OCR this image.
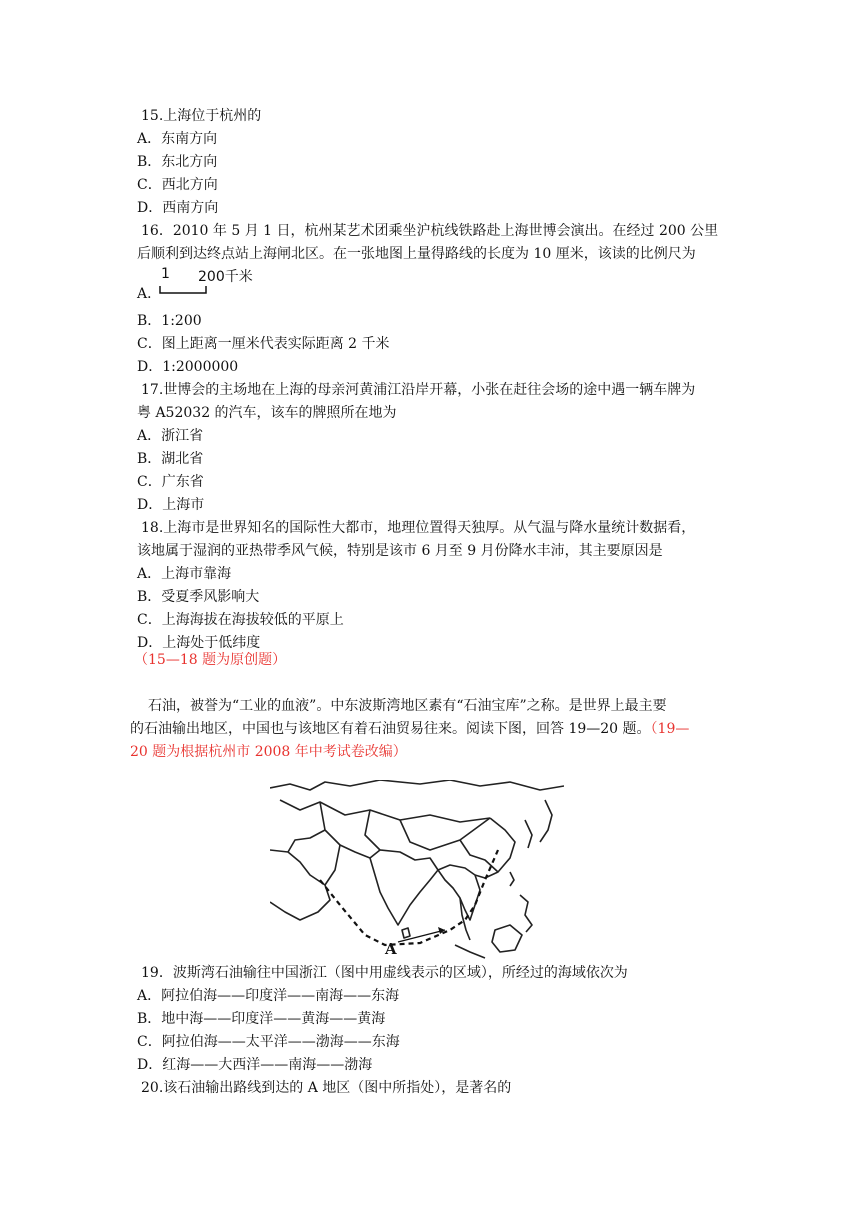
15.上海位于杭州的
A．东南方向
B．东北方向
C．西北方向
D．西南方向
16．2010 年 5 月 1 日，杭州某艺术团乘坐沪杭线铁路赴上海世博会演出。在经过 200 公里
后顺利到达终点站上海闸北区。在一张地图上量得路线的长度为 10 厘米，该读的比例尺为
1 200千米
A．
B．1:200
C．图上距离一厘米代表实际距离 2 千米
D．1:2000000
17.世博会的主场地在上海的母亲河黄浦江沿岸开幕，小张在赶往会场的途中遇一辆车牌为
粤 A52032 的汽车，该车的牌照所在地为
A．浙江省
B．湖北省
C．广东省
D．上海市
18.上海市是世界知名的国际性大都市，地理位置得天独厚。从气温与降水量统计数据看，
该地属于湿润的亚热带季风气候，特别是该市 6 月至 9 月份降水丰沛，其主要原因是
A．上海市靠海
B．受夏季风影响大
C．上海海拔在海拔较低的平原上
D．上海处于低纬度
（15—18 题为原创题）
石油，被誉为“工业的血液”。中东波斯湾地区素有“石油宝库”之称。是世界上最主要
的石油输出地区，中国也与该地区有着石油贸易往来。阅读下图，回答 19—20 题。（19—
20 题为根据杭州市 2008 年中考试卷改编）
A
19．波斯湾石油输往中国浙江（图中用虚线表示的区域），所经过的海域依次为
A．阿拉伯海——印度洋——南海——东海
B．地中海——印度洋——黄海——黄海
C．阿拉伯海——太平洋——渤海——东海
D．红海——大西洋——南海——渤海
20.该石油输出路线到达的 A 地区（图中所指处），是著名的
